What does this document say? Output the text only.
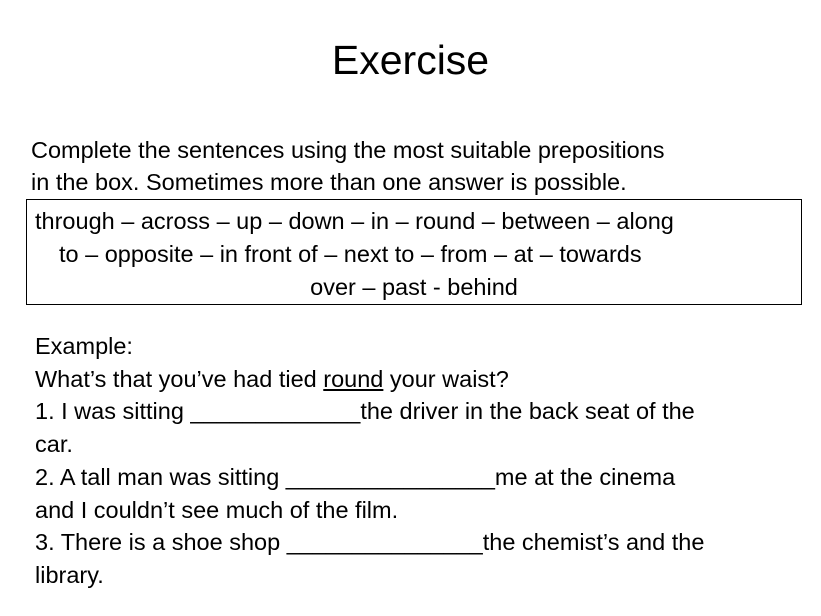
Exercise
Complete the sentences using the most suitable prepositions
in the box. Sometimes more than one answer is possible.
through – across – up – down – in – round – between – along
to – opposite – in front of – next to – from – at – towards
over – past - behind
Example:
What’s that you’ve had tied round your waist?
1. I was sitting _____________the driver in the back seat of the
car.
2. A tall man was sitting ________________me at the cinema
and I couldn’t see much of the film.
3. There is a shoe shop _______________the chemist’s and the
library.
